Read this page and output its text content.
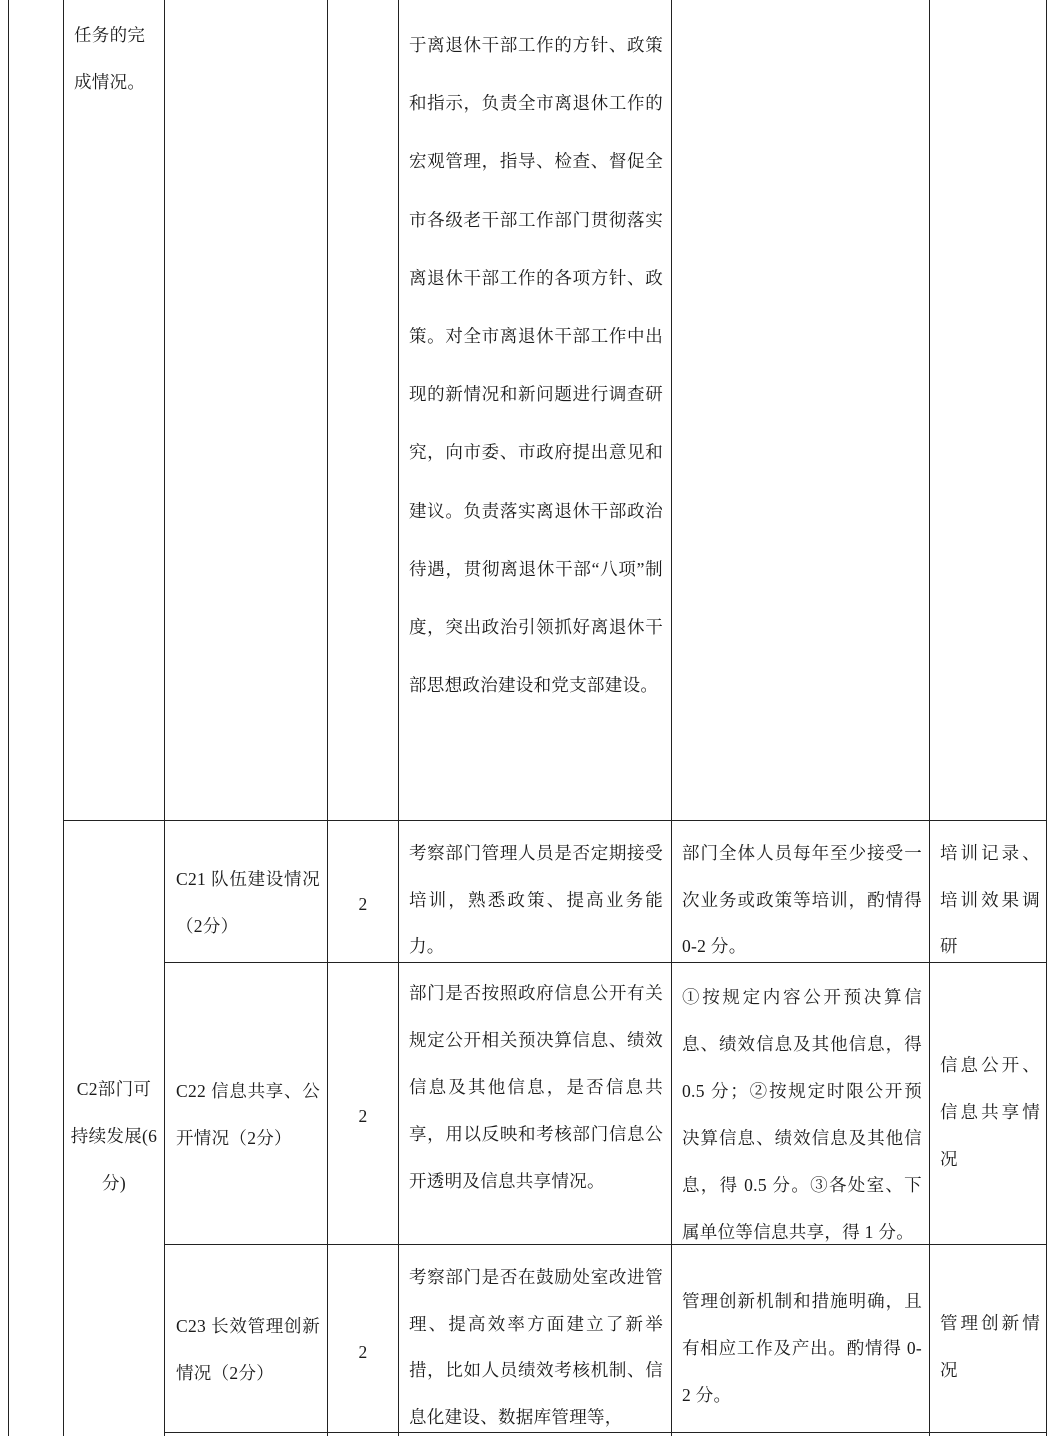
任务的完成情况。
于离退休干部工作的方针、政策和指示，负责全市离退休工作的宏观管理，指导、检查、督促全市各级老干部工作部门贯彻落实离退休干部工作的各项方针、政策。对全市离退休干部工作中出现的新情况和新问题进行调查研究，向市委、市政府提出意见和建议。负责落实离退休干部政治待遇，贯彻离退休干部“八项”制度，突出政治引领抓好离退休干部思想政治建设和党支部建设。
C2部门可持续发展(6分)
C21 队伍建设情况（2分）
2
考察部门管理人员是否定期接受培训，熟悉政策、提高业务能力。
部门全体人员每年至少接受一次业务或政策等培训，酌情得 0-2 分。
培训记录、培训效果调研
C22 信息共享、公开情况（2分）
2
部门是否按照政府信息公开有关规定公开相关预决算信息、绩效信息及其他信息，是否信息共享，用以反映和考核部门信息公开透明及信息共享情况。
①按规定内容公开预决算信息、绩效信息及其他信息，得 0.5 分；②按规定时限公开预决算信息、绩效信息及其他信息，得 0.5 分。③各处室、下属单位等信息共享，得 1 分。
信息公开、信息共享情况
C23 长效管理创新情况（2分）
2
考察部门是否在鼓励处室改进管理、提高效率方面建立了新举措，比如人员绩效考核机制、信息化建设、数据库管理等，
管理创新机制和措施明确，且有相应工作及产出。酌情得 0-2 分。
管理创新情况
